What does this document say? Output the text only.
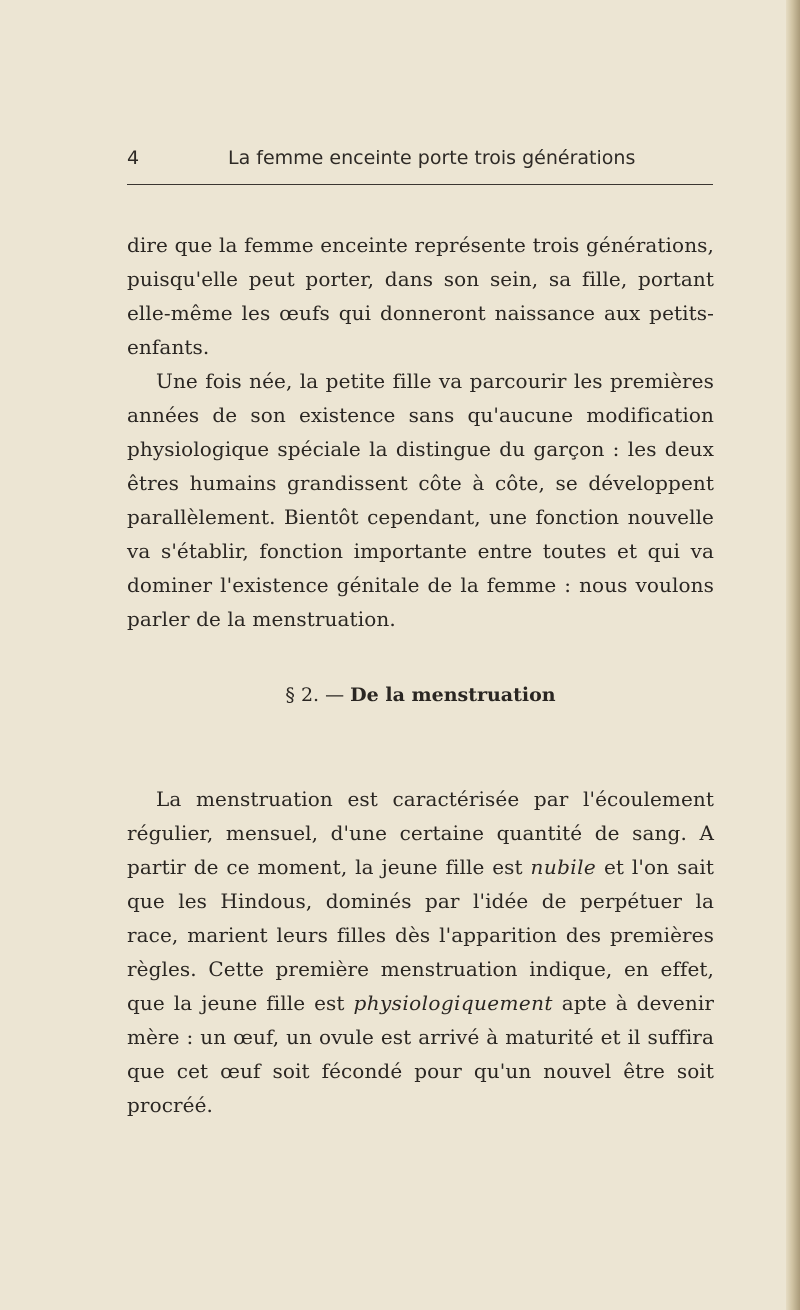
4	La femme enceinte porte trois générations

dire que la femme enceinte représente trois générations, puisqu'elle peut porter, dans son sein, sa fille, portant elle-même les œufs qui donneront naissance aux petits-enfants.

Une fois née, la petite fille va parcourir les premières années de son existence sans qu'aucune modification physiologique spéciale la distingue du garçon : les deux êtres humains grandissent côte à côte, se développent parallèlement. Bientôt cependant, une fonction nouvelle va s'établir, fonction importante entre toutes et qui va dominer l'existence génitale de la femme : nous voulons parler de la menstruation.

§ 2. — De la menstruation

La menstruation est caractérisée par l'écoulement régulier, mensuel, d'une certaine quantité de sang. A partir de ce moment, la jeune fille est nubile et l'on sait que les Hindous, dominés par l'idée de perpétuer la race, marient leurs filles dès l'apparition des premières règles. Cette première menstruation indique, en effet, que la jeune fille est physiologiquement apte à devenir mère : un œuf, un ovule est arrivé à maturité et il suffira que cet œuf soit fécondé pour qu'un nouvel être soit procréé.
